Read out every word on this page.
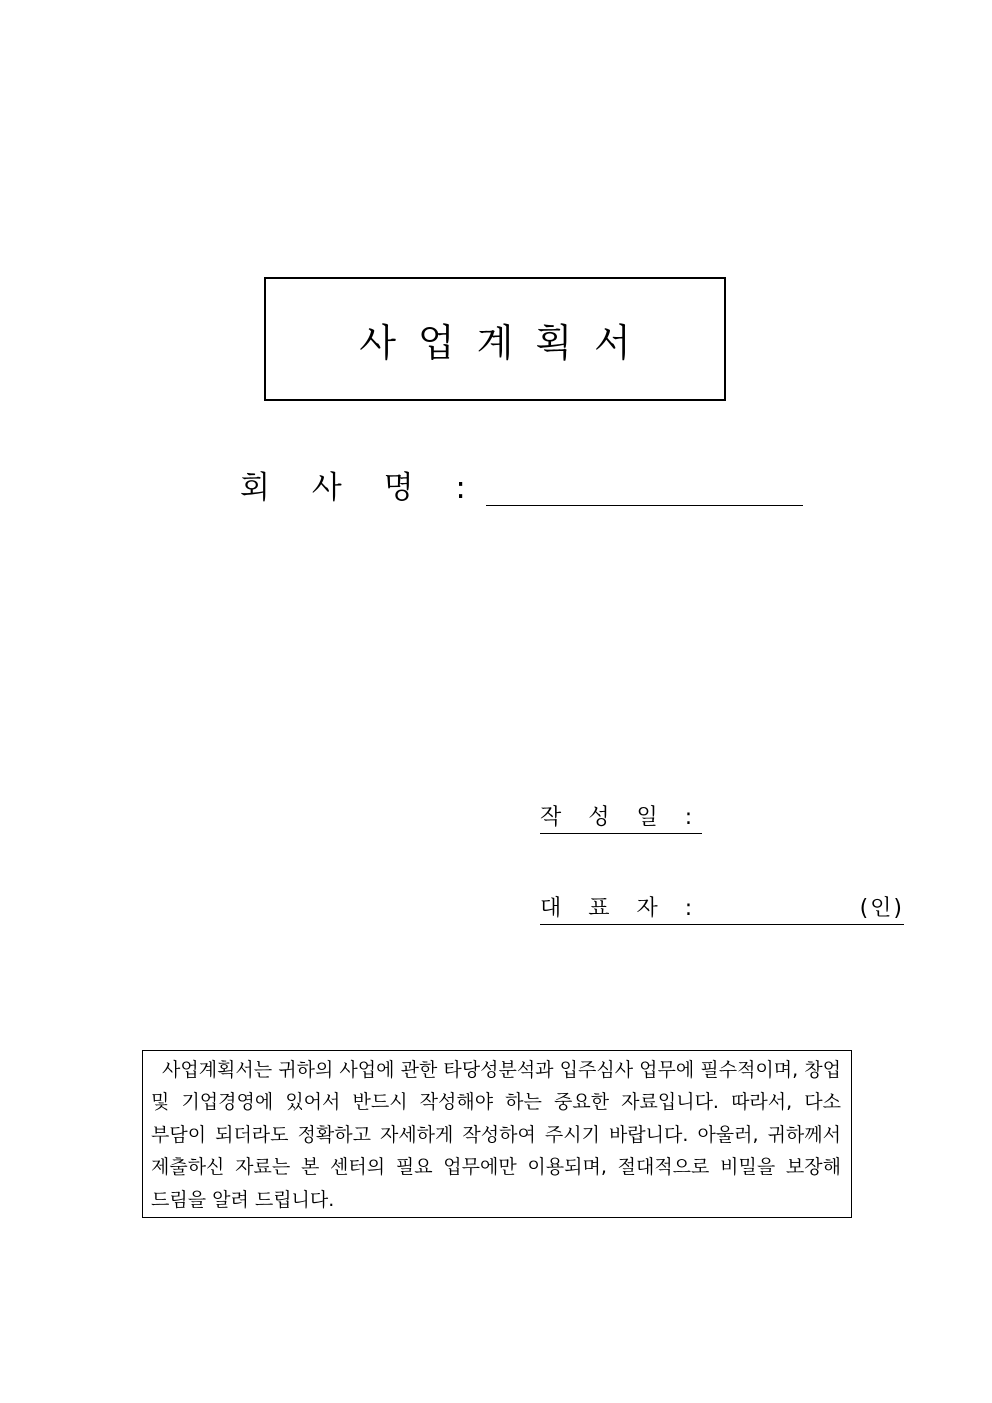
사업계획서
회 사 명 :
작 성 일 :
대 표 자 :	(인)

사업계획서는 귀하의 사업에 관한 타당성분석과 입주심사 업무에 필수적이며, 창업 및 기업경영에 있어서 반드시 작성해야 하는 중요한 자료입니다. 따라서, 다소 부담이 되더라도 정확하고 자세하게 작성하여 주시기 바랍니다. 아울러, 귀하께서 제출하신 자료는 본 센터의 필요 업무에만 이용되며, 절대적으로 비밀을 보장해 드림을 알려 드립니다.
